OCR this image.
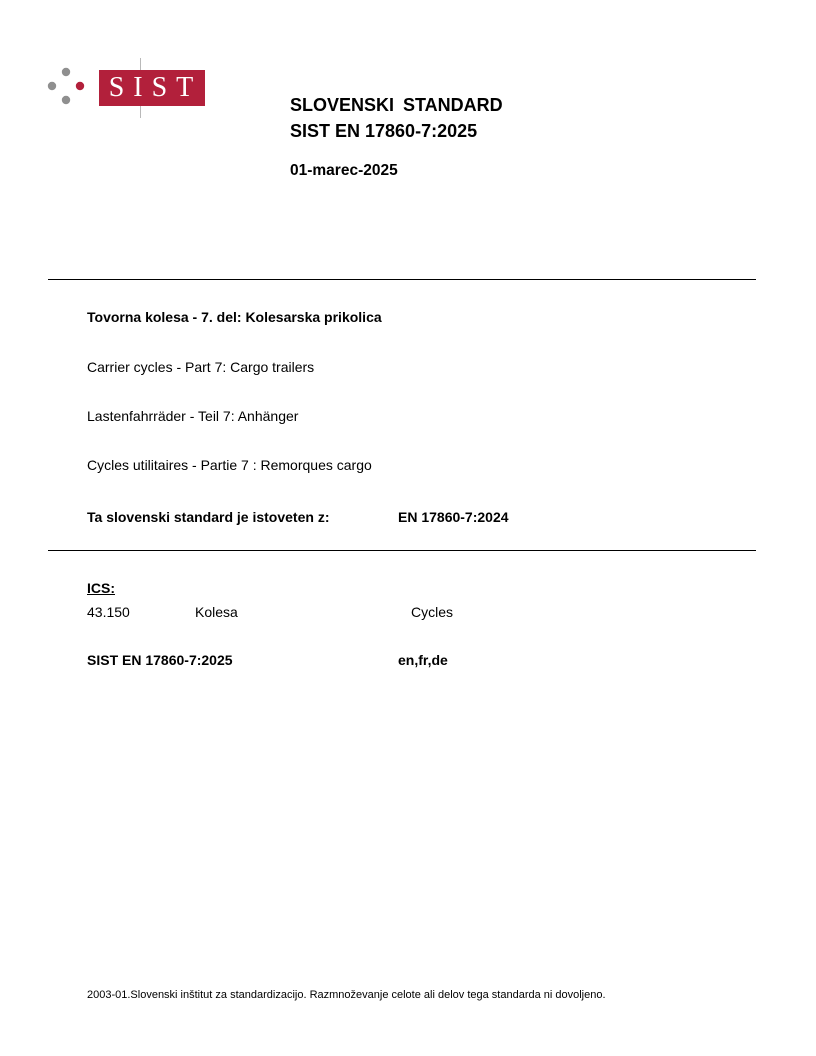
SIST
SLOVENSKI STANDARD
SIST EN 17860-7:2025
01-marec-2025
Tovorna kolesa - 7. del: Kolesarska prikolica
Carrier cycles - Part 7: Cargo trailers
Lastenfahrräder - Teil 7: Anhänger
Cycles utilitaires - Partie 7 : Remorques cargo
Ta slovenski standard je istoveten z:	EN 17860-7:2024
ICS:
43.150	Kolesa	Cycles
SIST EN 17860-7:2025	en,fr,de
2003-01.Slovenski inštitut za standardizacijo. Razmnoževanje celote ali delov tega standarda ni dovoljeno.
